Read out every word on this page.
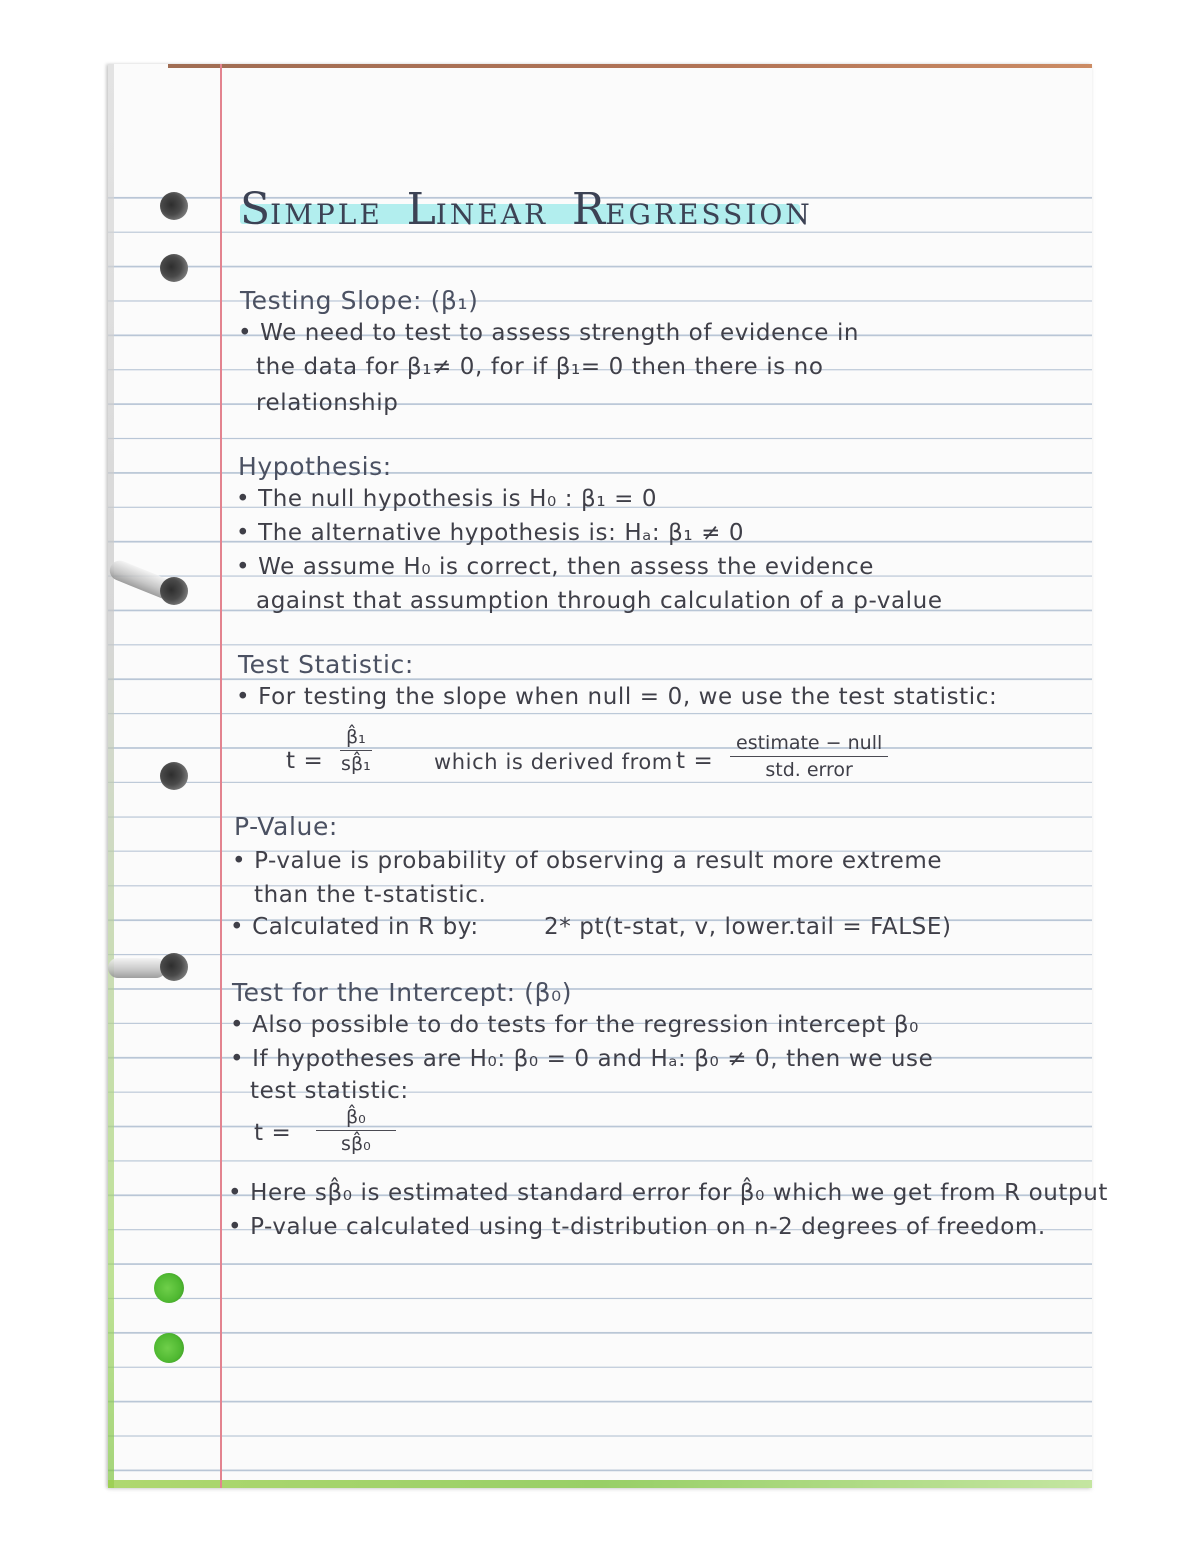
SIMPLE LINEAR REGRESSION
Testing Slope: (β₁)
• We need to test to assess strength of evidence in
the data for β₁≠ 0, for if β₁= 0 then there is no
relationship
Hypothesis:
• The null hypothesis is H₀ : β₁ = 0
• The alternative hypothesis is: Hₐ: β₁ ≠ 0
• We assume H₀ is correct, then assess the evidence
against that assumption through calculation of a p-value
Test Statistic:
• For testing the slope when null = 0, we use the test statistic:
$t = \frac{\text{β̂₁}}{\text{sβ̂₁}}$	which is derived from t =
estimate − null
std. error
P-Value:
• P-value is probability of observing a result more extreme
than the t-statistic.
• Calculated in R by:	2* pt(t-stat, v, lower.tail = FALSE)
Test for the Intercept: (β₀)
• Also possible to do tests for the regression intercept β₀
• If hypotheses are H₀: β₀ = 0 and Hₐ: β₀ ≠ 0, then we use
test statistic:
$t = \frac{\text{β̂₀}}{\text{sβ̂₀}}$
• Here sβ̂₀ is estimated standard error for β̂₀ which we get from R output
• P-value calculated using t-distribution on n-2 degrees of freedom.
